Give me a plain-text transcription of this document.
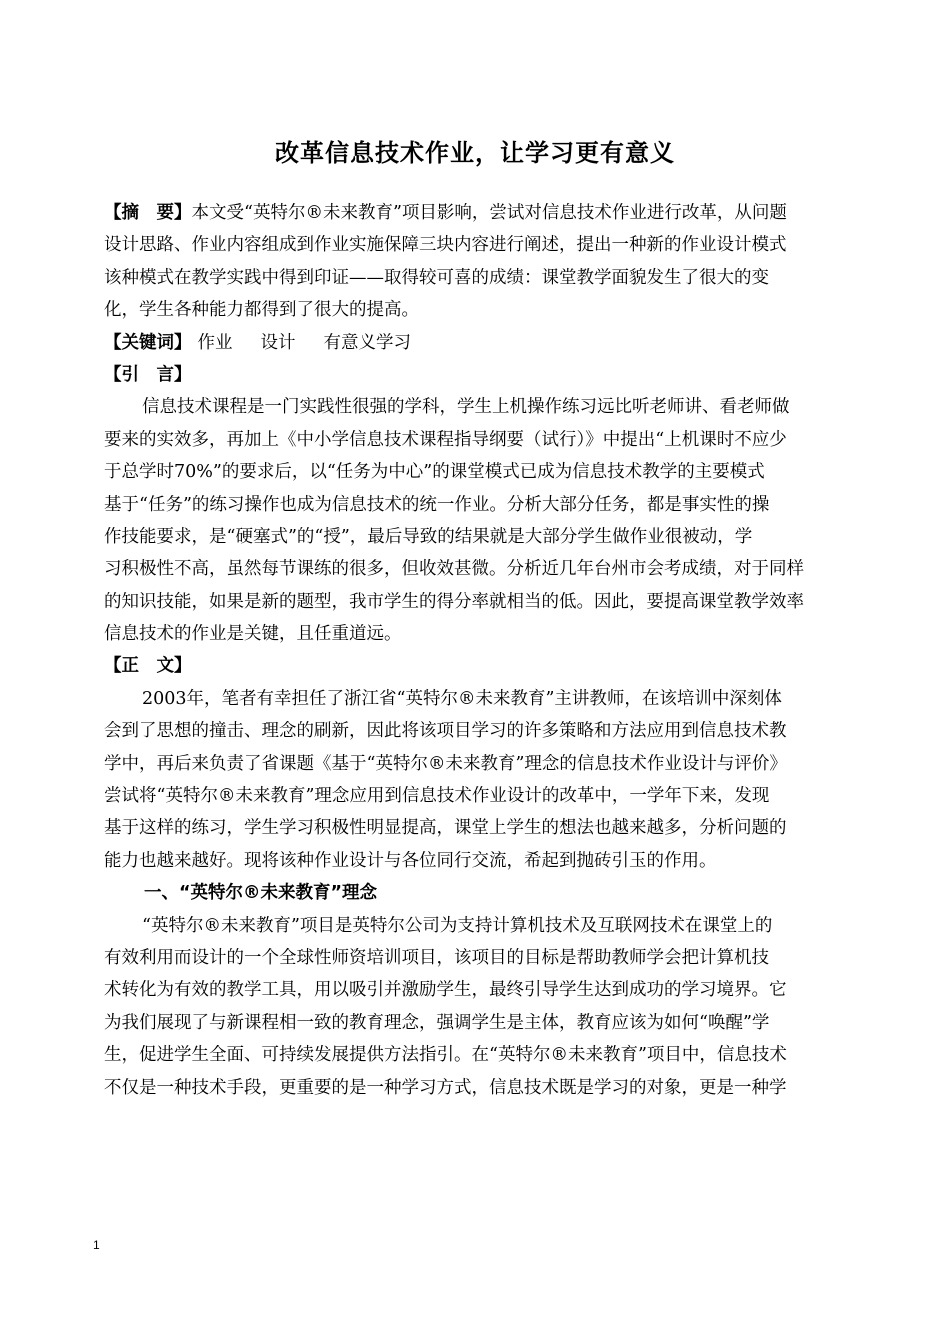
改革信息技术作业，让学习更有意义
【摘　要】本文受“英特尔®未来教育”项目影响，尝试对信息技术作业进行改革，从问题
设计思路、作业内容组成到作业实施保障三块内容进行阐述，提出一种新的作业设计模式
该种模式在教学实践中得到印证——取得较可喜的成绩：课堂教学面貌发生了很大的变
化，学生各种能力都得到了很大的提高。
【关键词】 作业 设计 有意义学习
【引　言】
信息技术课程是一门实践性很强的学科，学生上机操作练习远比听老师讲、看老师做
要来的实效多，再加上《中小学信息技术课程指导纲要（试行）》中提出“上机课时不应少
于总学时70%”的要求后，以“任务为中心”的课堂模式已成为信息技术教学的主要模式
基于“任务”的练习操作也成为信息技术的统一作业。分析大部分任务，都是事实性的操
作技能要求，是“硬塞式”的“授”，最后导致的结果就是大部分学生做作业很被动，学
习积极性不高，虽然每节课练的很多，但收效甚微。分析近几年台州市会考成绩，对于同样
的知识技能，如果是新的题型，我市学生的得分率就相当的低。因此，要提高课堂教学效率
信息技术的作业是关键，且任重道远。
【正　文】
2003年，笔者有幸担任了浙江省“英特尔®未来教育”主讲教师，在该培训中深刻体
会到了思想的撞击、理念的刷新，因此将该项目学习的许多策略和方法应用到信息技术教
学中，再后来负责了省课题《基于“英特尔®未来教育”理念的信息技术作业设计与评价》
尝试将“英特尔®未来教育”理念应用到信息技术作业设计的改革中，一学年下来，发现
基于这样的练习，学生学习积极性明显提高，课堂上学生的想法也越来越多，分析问题的
能力也越来越好。现将该种作业设计与各位同行交流，希起到抛砖引玉的作用。
一、“英特尔®未来教育”理念
“英特尔®未来教育”项目是英特尔公司为支持计算机技术及互联网技术在课堂上的
有效利用而设计的一个全球性师资培训项目，该项目的目标是帮助教师学会把计算机技
术转化为有效的教学工具，用以吸引并激励学生，最终引导学生达到成功的学习境界。它
为我们展现了与新课程相一致的教育理念，强调学生是主体，教育应该为如何“唤醒”学
生，促进学生全面、可持续发展提供方法指引。在“英特尔®未来教育”项目中，信息技术
不仅是一种技术手段，更重要的是一种学习方式，信息技术既是学习的对象，更是一种学
1
